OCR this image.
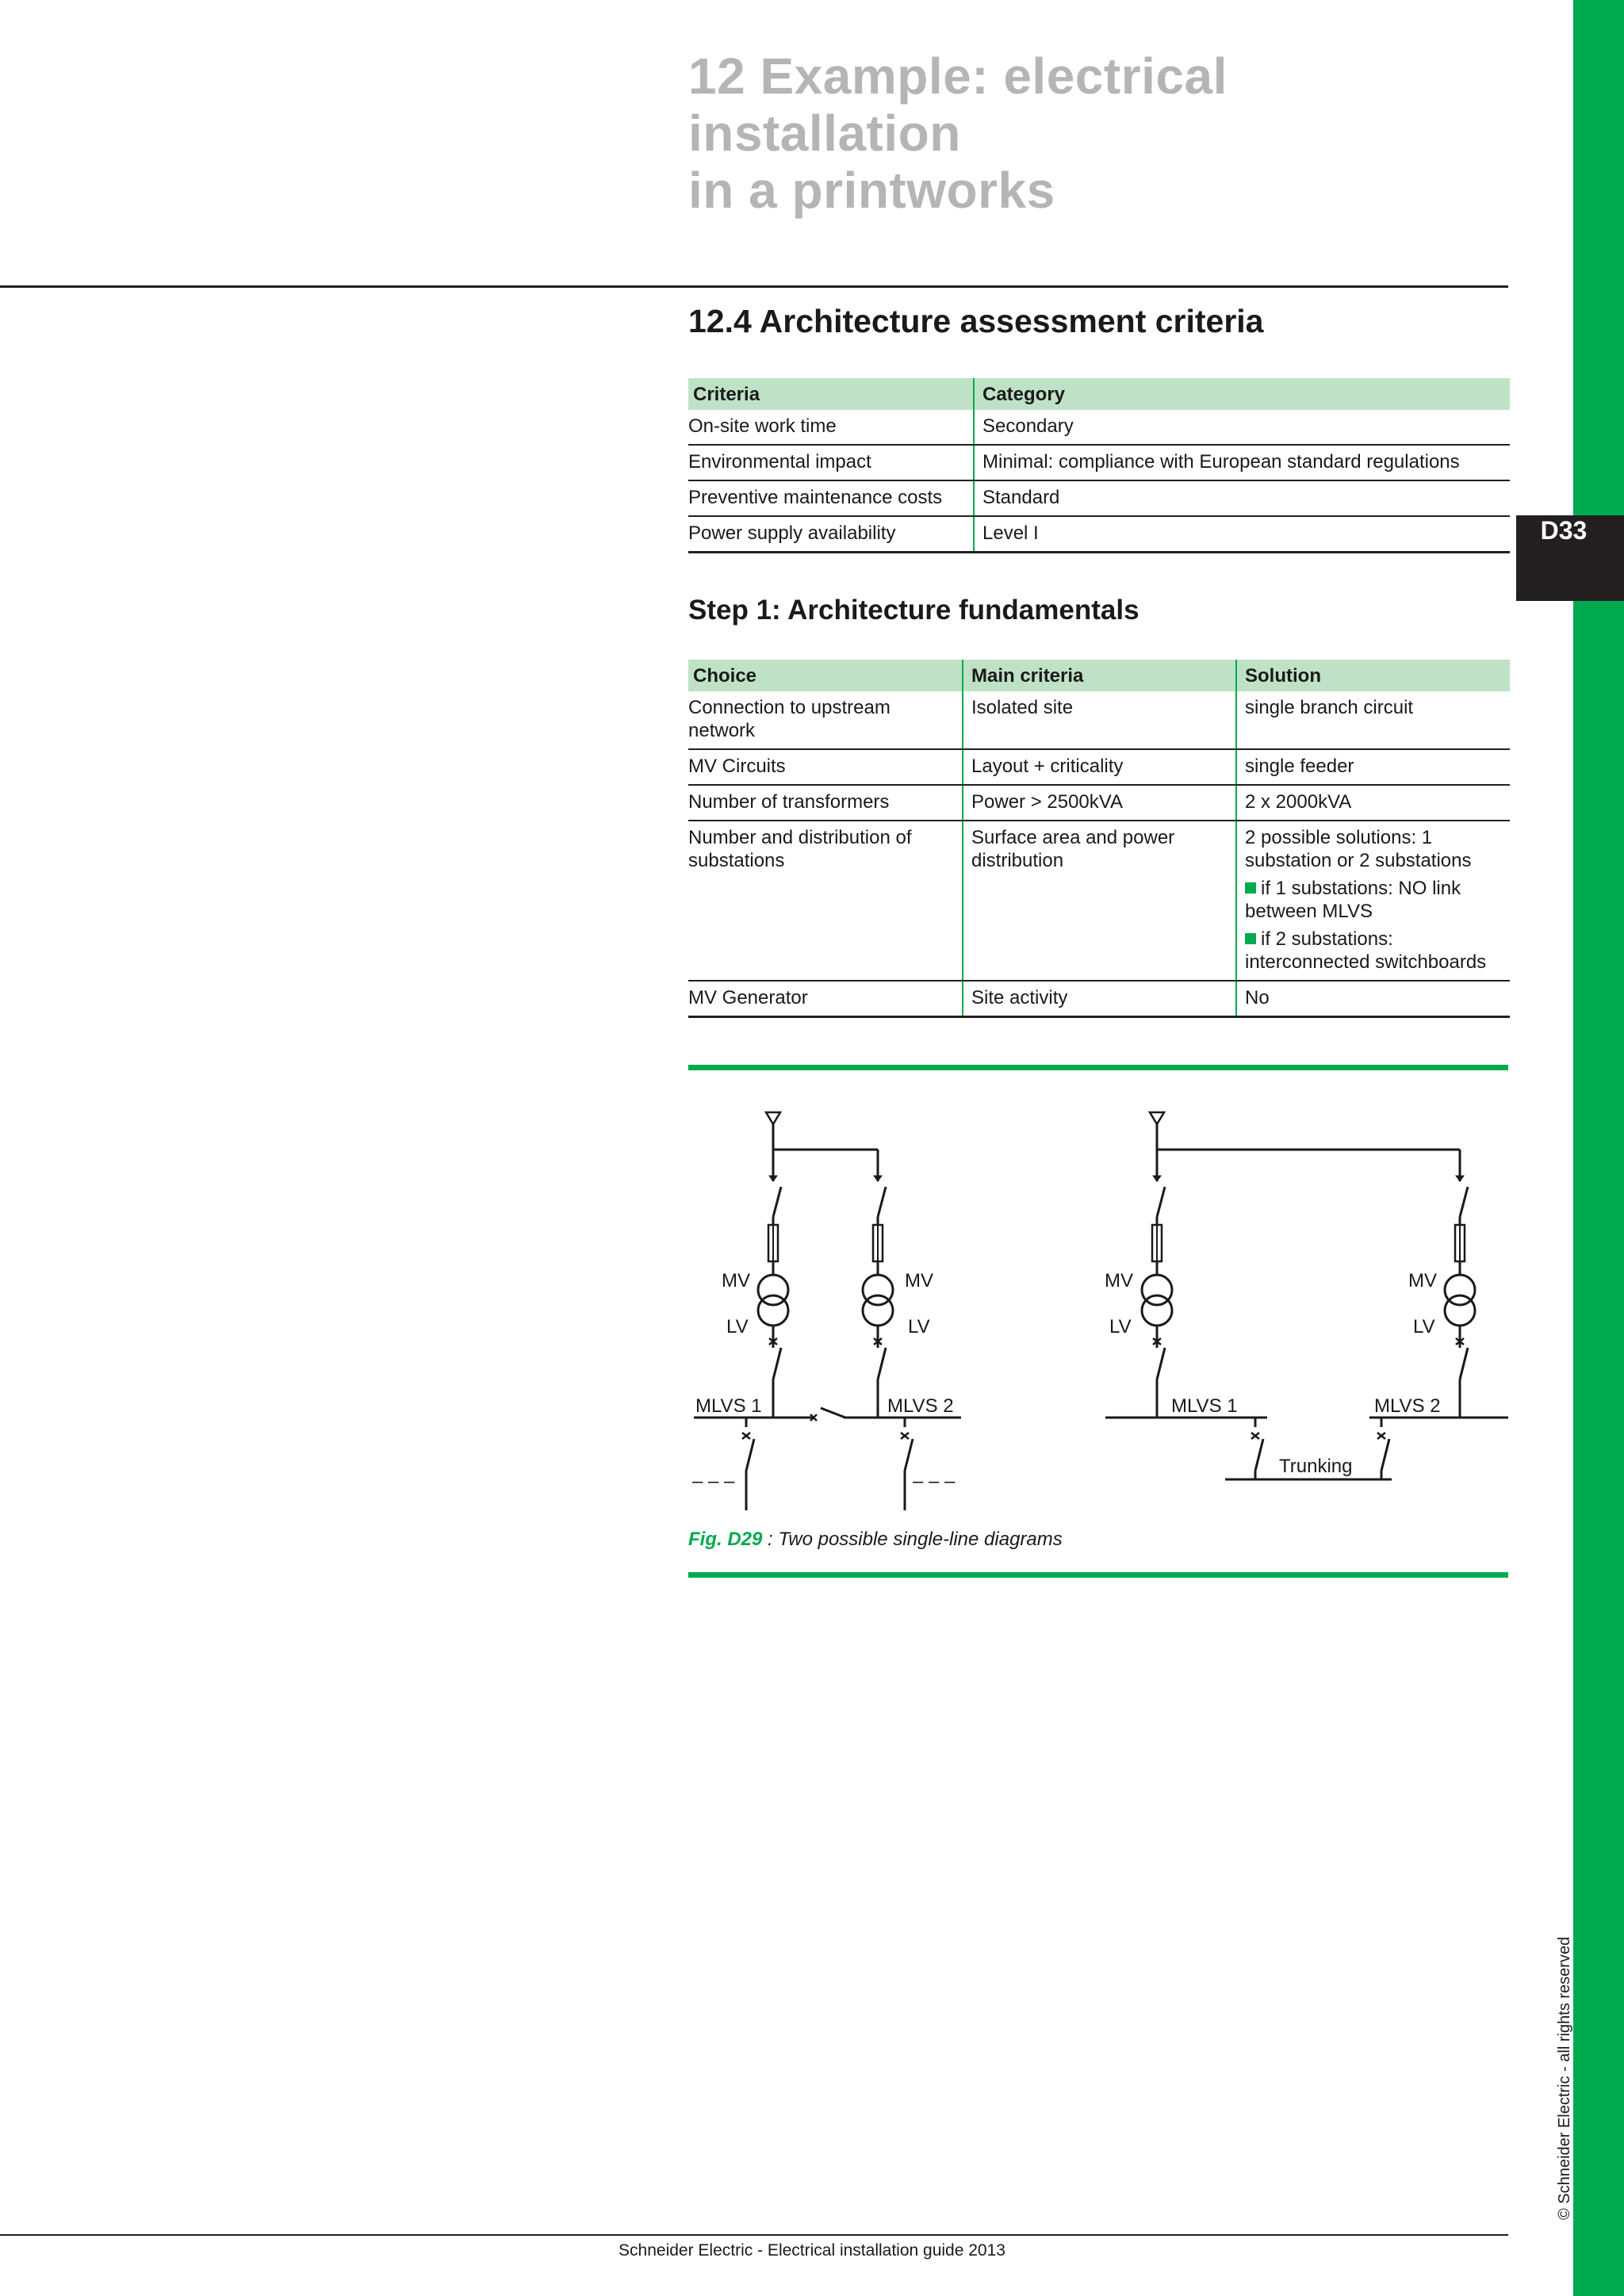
D33
12 Example: electrical installation
in a printworks
12.4 Architecture assessment criteria
Criteria	Category
On-site work time	Secondary
Environmental impact	Minimal: compliance with European standard regulations
Preventive maintenance costs	Standard
Power supply availability	Level I
Step 1: Architecture fundamentals
Choice	Main criteria	Solution
Connection to upstream network	Isolated site	single branch circuit
MV Circuits	Layout + criticality	single feeder
Number of transformers	Power > 2500kVA	2 x 2000kVA
Number and distribution of substations	Surface area and power distribution	2 possible solutions: 1 substation or 2 substations
if 1 substations: NO link between MLVS
if 2 substations: interconnected switchboards

MV Generator	Site activity	No
MV
LV
MV
LV
MLVS 1	MLVS 2
– – –	– – –
MV
LV
MV
LV
MLVS 1	MLVS 2
Trunking
Fig. D29 : Two possible single-line diagrams
Schneider Electric - Electrical installation guide 2013
© Schneider Electric - all rights reserved
